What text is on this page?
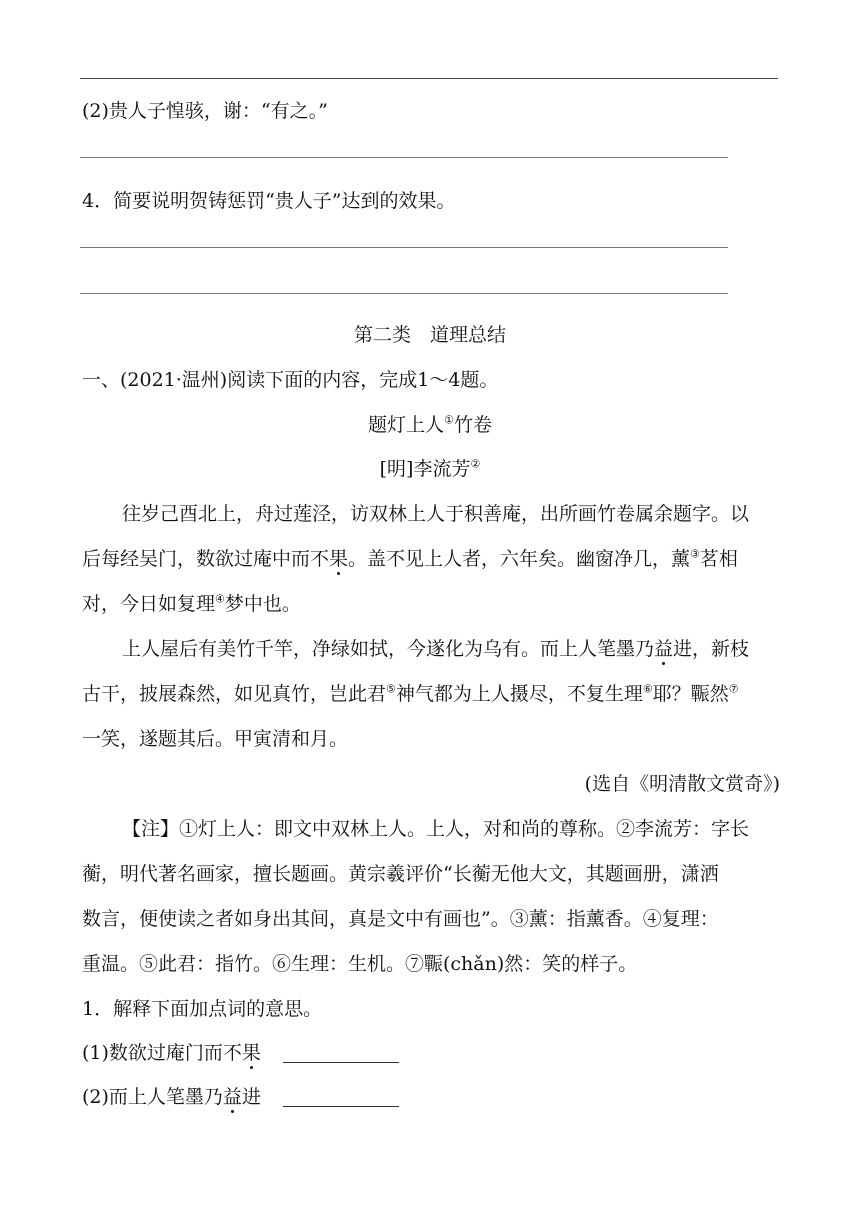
(2)贵人子惶骇，谢：“有之。”
4．简要说明贺铸惩罚“贵人子”达到的效果。
第二类　道理总结
一、(2021·温州)阅读下面的内容，完成1～4题。
题灯上人①竹卷
[明]李流芳②
往岁己酉北上，舟过莲泾，访双林上人于积善庵，出所画竹卷属余题字。以
后每经吴门，数欲过庵中而不果。盖不见上人者，六年矣。幽窗净几，薰③茗相
对，今日如复理④梦中也。
上人屋后有美竹千竿，净绿如拭，今遂化为乌有。而上人笔墨乃益进，新枝
古干，披展森然，如见真竹，岂此君⑤神气都为上人摄尽，不复生理⑥耶？辴然⑦
一笑，遂题其后。甲寅清和月。
(选自《明清散文赏奇》)
【注】①灯上人：即文中双林上人。上人，对和尚的尊称。②李流芳：字长
蘅，明代著名画家，擅长题画。黄宗羲评价“长蘅无他大文，其题画册，潇洒
数言，便使读之者如身出其间，真是文中有画也”。③薰：指薰香。④复理：
重温。⑤此君：指竹。⑥生理：生机。⑦辴(chǎn)然：笑的样子。
1．解释下面加点词的意思。
(1)数欲过庵门而不果
(2)而上人笔墨乃益进
